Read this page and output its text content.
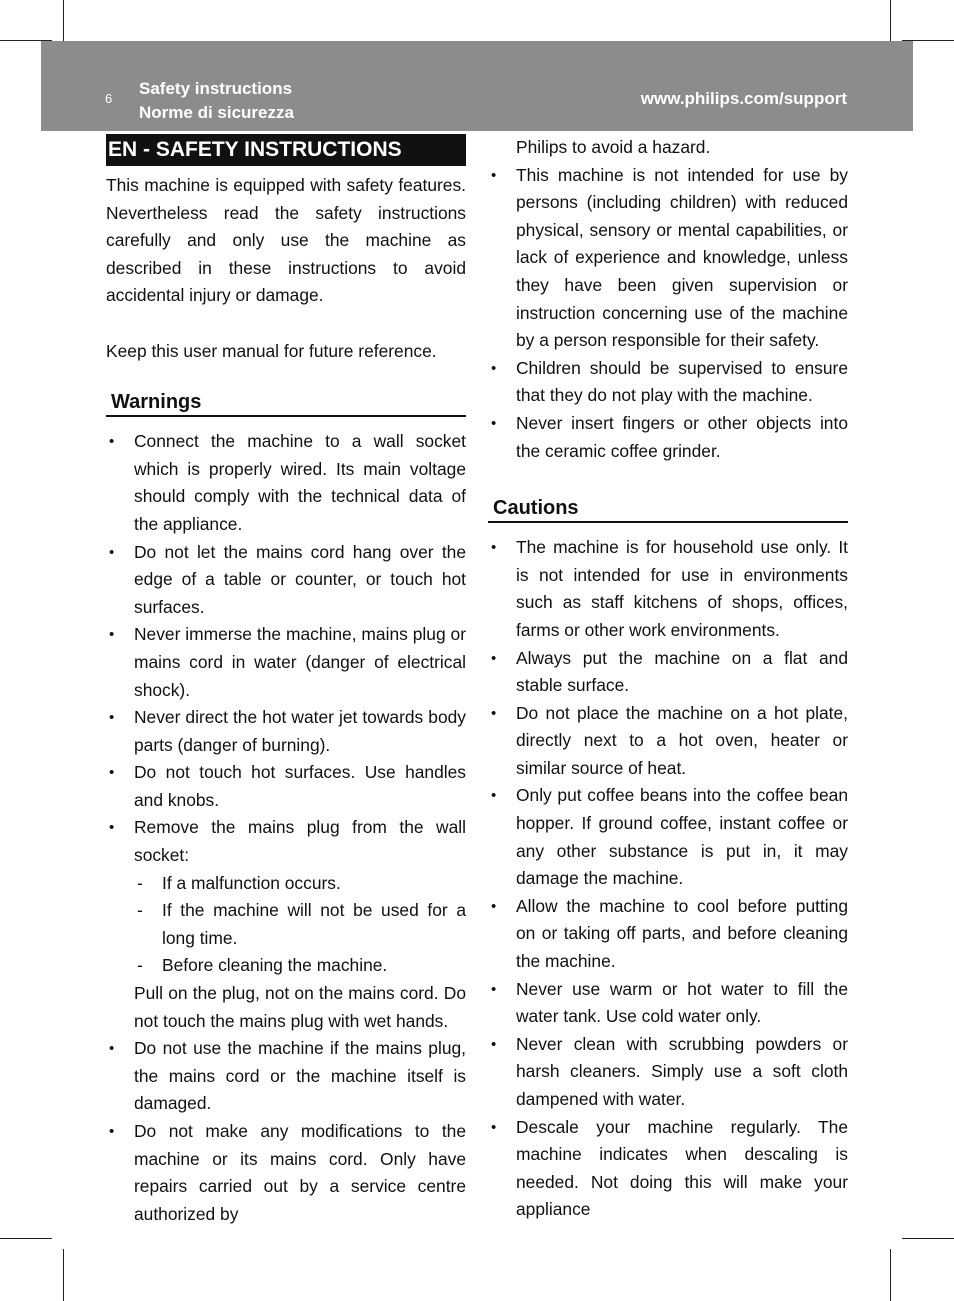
6
Safety instructions
Norme di sicurezza
www.philips.com/support
EN - SAFETY INSTRUCTIONS

This machine is equipped with safety features. Nevertheless read the safety instructions carefully and only use the machine as described in these instructions to avoid accidental injury or damage.

Keep this user manual for future reference.

Warnings
• Connect the machine to a wall socket which is properly wired. Its main voltage should comply with the technical data of the appliance.
• Do not let the mains cord hang over the edge of a table or counter, or touch hot surfaces.
• Never immerse the machine, mains plug or mains cord in water (danger of electrical shock).
• Never direct the hot water jet towards body parts (danger of burning).
• Do not touch hot surfaces. Use handles and knobs.
• Remove the mains plug from the wall socket:
- If a malfunction occurs.
- If the machine will not be used for a long time.
- Before cleaning the machine.
Pull on the plug, not on the mains cord. Do not touch the mains plug with wet hands.
• Do not use the machine if the mains plug, the mains cord or the machine itself is damaged.
• Do not make any modifications to the machine or its mains cord. Only have repairs carried out by a service centre authorized by
Philips to avoid a hazard.
• This machine is not intended for use by persons (including children) with reduced physical, sensory or mental capabilities, or lack of experience and knowledge, unless they have been given supervision or instruction concerning use of the machine by a person responsible for their safety.
• Children should be supervised to ensure that they do not play with the machine.
• Never insert fingers or other objects into the ceramic coffee grinder.
Cautions
• The machine is for household use only. It is not intended for use in environments such as staff kitchens of shops, offices, farms or other work environments.
• Always put the machine on a flat and stable surface.
• Do not place the machine on a hot plate, directly next to a hot oven, heater or similar source of heat.
• Only put coffee beans into the coffee bean hopper. If ground coffee, instant coffee or any other substance is put in, it may damage the machine.
• Allow the machine to cool before putting on or taking off parts, and before cleaning the machine.
• Never use warm or hot water to fill the water tank. Use cold water only.
• Never clean with scrubbing powders or harsh cleaners. Simply use a soft cloth dampened with water.
• Descale your machine regularly. The machine indicates when descaling is needed. Not doing this will make your appliance
